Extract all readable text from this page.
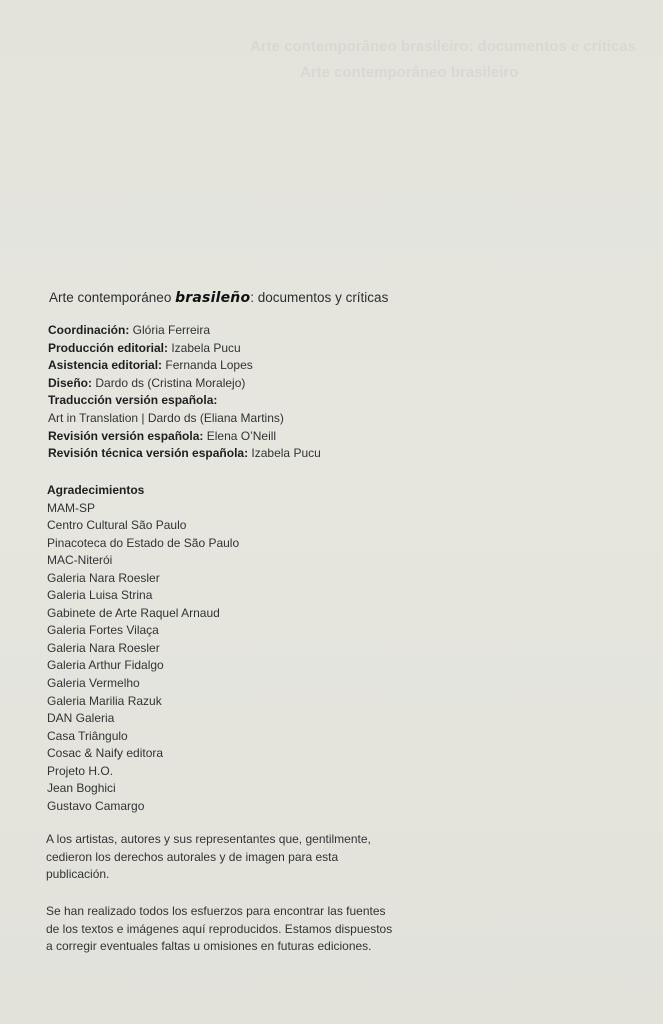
Arte contemporâneo brasileiro: documentos e críticas
Arte contemporâneo brasileiro
Arte contemporáneo brasileño: documentos y críticas
Coordinación: Glória Ferreira
Producción editorial: Izabela Pucu
Asistencia editorial: Fernanda Lopes
Diseño: Dardo ds (Cristina Moralejo)
Traducción versión española:
Art in Translation | Dardo ds (Eliana Martins)
Revisión versión española: Elena O’Neill
Revisión técnica versión española: Izabela Pucu
Agradecimientos
MAM-SP
Centro Cultural São Paulo
Pinacoteca do Estado de São Paulo
MAC-Niterói
Galeria Nara Roesler
Galeria Luisa Strina
Gabinete de Arte Raquel Arnaud
Galeria Fortes Vilaça
Galeria Nara Roesler
Galeria Arthur Fidalgo
Galeria Vermelho
Galeria Marilia Razuk
DAN Galeria
Casa Triângulo
Cosac & Naify editora
Projeto H.O.
Jean Boghici
Gustavo Camargo
A los artistas, autores y sus representantes que, gentilmente,
cedieron los derechos autorales y de imagen para esta
publicación.
Se han realizado todos los esfuerzos para encontrar las fuentes
de los textos e imágenes aquí reproducidos. Estamos dispuestos
a corregir eventuales faltas u omisiones en futuras ediciones.
